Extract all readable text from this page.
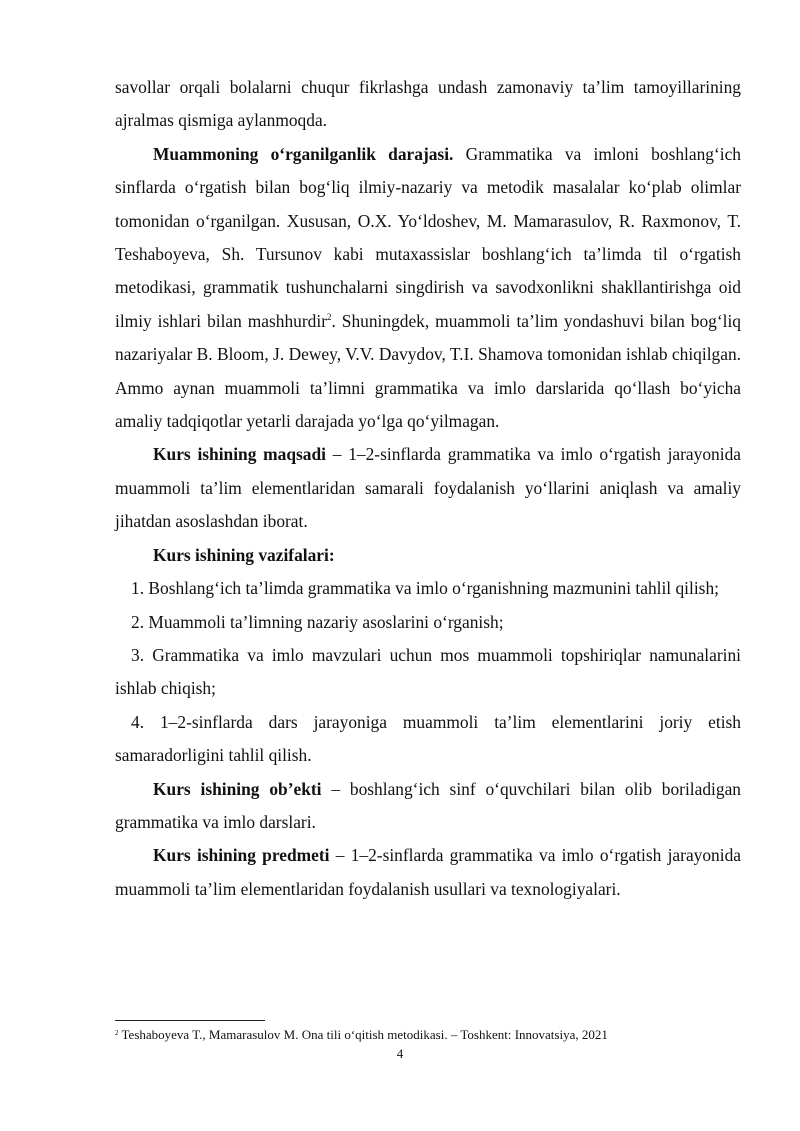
savollar orqali bolalarni chuqur fikrlashga undash zamonaviy ta’lim tamoyillarining ajralmas qismiga aylanmoqda.

Muammoning o‘rganilganlik darajasi. Grammatika va imloni boshlang‘ich sinflarda o‘rgatish bilan bog‘liq ilmiy-nazariy va metodik masalalar ko‘plab olimlar tomonidan o‘rganilgan. Xususan, O.X. Yo‘ldoshev, M. Mamarasulov, R. Raxmonov, T. Teshaboyeva, Sh. Tursunov kabi mutaxassislar boshlang‘ich ta’limda til o‘rgatish metodikasi, grammatik tushunchalarni singdirish va savodxonlikni shakllantirishga oid ilmiy ishlari bilan mashhurdir$^2$. Shuningdek, muammoli ta’lim yondashuvi bilan bog‘liq nazariyalar B. Bloom, J. Dewey, V.V. Davydov, T.I. Shamova tomonidan ishlab chiqilgan. Ammo aynan muammoli ta’limni grammatika va imlo darslarida qo‘llash bo‘yicha amaliy tadqiqotlar yetarli darajada yo‘lga qo‘yilmagan.

Kurs ishining maqsadi – 1–2-sinflarda grammatika va imlo o‘rgatish jarayonida muammoli ta’lim elementlaridan samarali foydalanish yo‘llarini aniqlash va amaliy jihatdan asoslashdan iborat.

Kurs ishining vazifalari:

1. Boshlang‘ich ta’limda grammatika va imlo o‘rganishning mazmunini tahlil qilish;

2. Muammoli ta’limning nazariy asoslarini o‘rganish;

3. Grammatika va imlo mavzulari uchun mos muammoli topshiriqlar namunalarini ishlab chiqish;

4. 1–2-sinflarda dars jarayoniga muammoli ta’lim elementlarini joriy etish samaradorligini tahlil qilish.

Kurs ishining ob’ekti – boshlang‘ich sinf o‘quvchilari bilan olib boriladigan grammatika va imlo darslari.

Kurs ishining predmeti – 1–2-sinflarda grammatika va imlo o‘rgatish jarayonida muammoli ta’lim elementlaridan foydalanish usullari va texnologiyalari.

$^2$ Teshaboyeva T., Mamarasulov M. Ona tili o‘qitish metodikasi. – Toshkent: Innovatsiya, 2021
4
